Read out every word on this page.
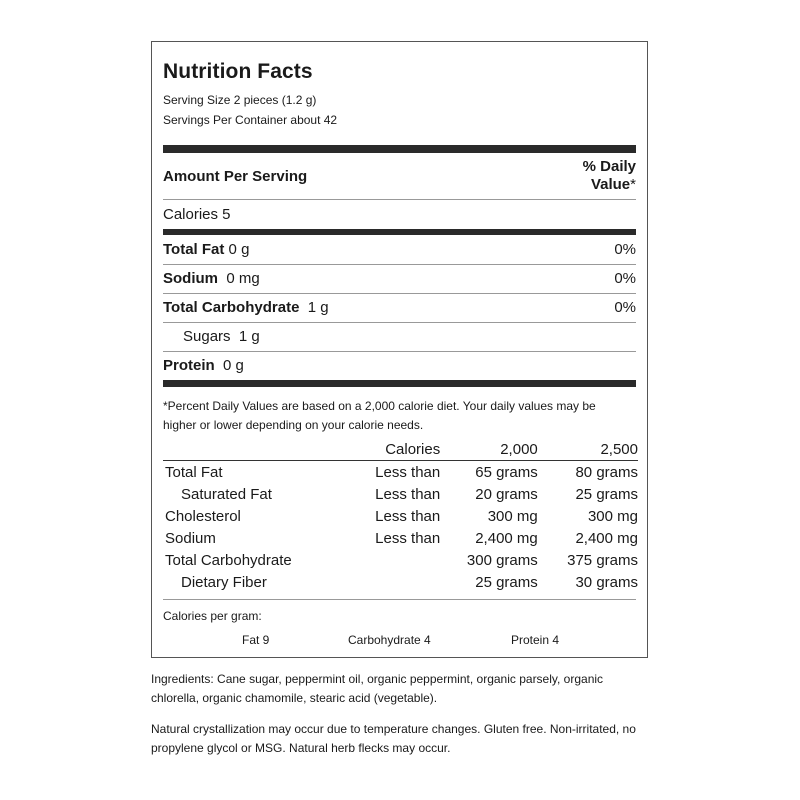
Nutrition Facts
Serving Size 2 pieces (1.2 g)
Servings Per Container about 42
Amount Per Serving
% Daily
Value*
Calories 5
Total Fat 0 g	0%
Sodium  0 mg	0%
Total Carbohydrate  1 g	0%
Sugars  1 g
Protein  0 g
*Percent Daily Values are based on a 2,000 calorie diet. Your daily values may be higher or lower depending on your calorie needs.
	Calories	2,000	2,500
Total Fat	Less than	65 grams	80 grams
Saturated Fat	Less than	20 grams	25 grams
Cholesterol	Less than	300 mg	300 mg
Sodium	Less than	2,400 mg	2,400 mg
Total Carbohydrate		300 grams	375 grams
Dietary Fiber		25 grams	30 grams
Calories per gram:
Fat 9	Carbohydrate 4	Protein 4
Ingredients: Cane sugar, peppermint oil, organic peppermint, organic parsely, organic chlorella, organic chamomile, stearic acid (vegetable).
Natural crystallization may occur due to temperature changes. Gluten free. Non-irritated, no propylene glycol or MSG. Natural herb flecks may occur.
